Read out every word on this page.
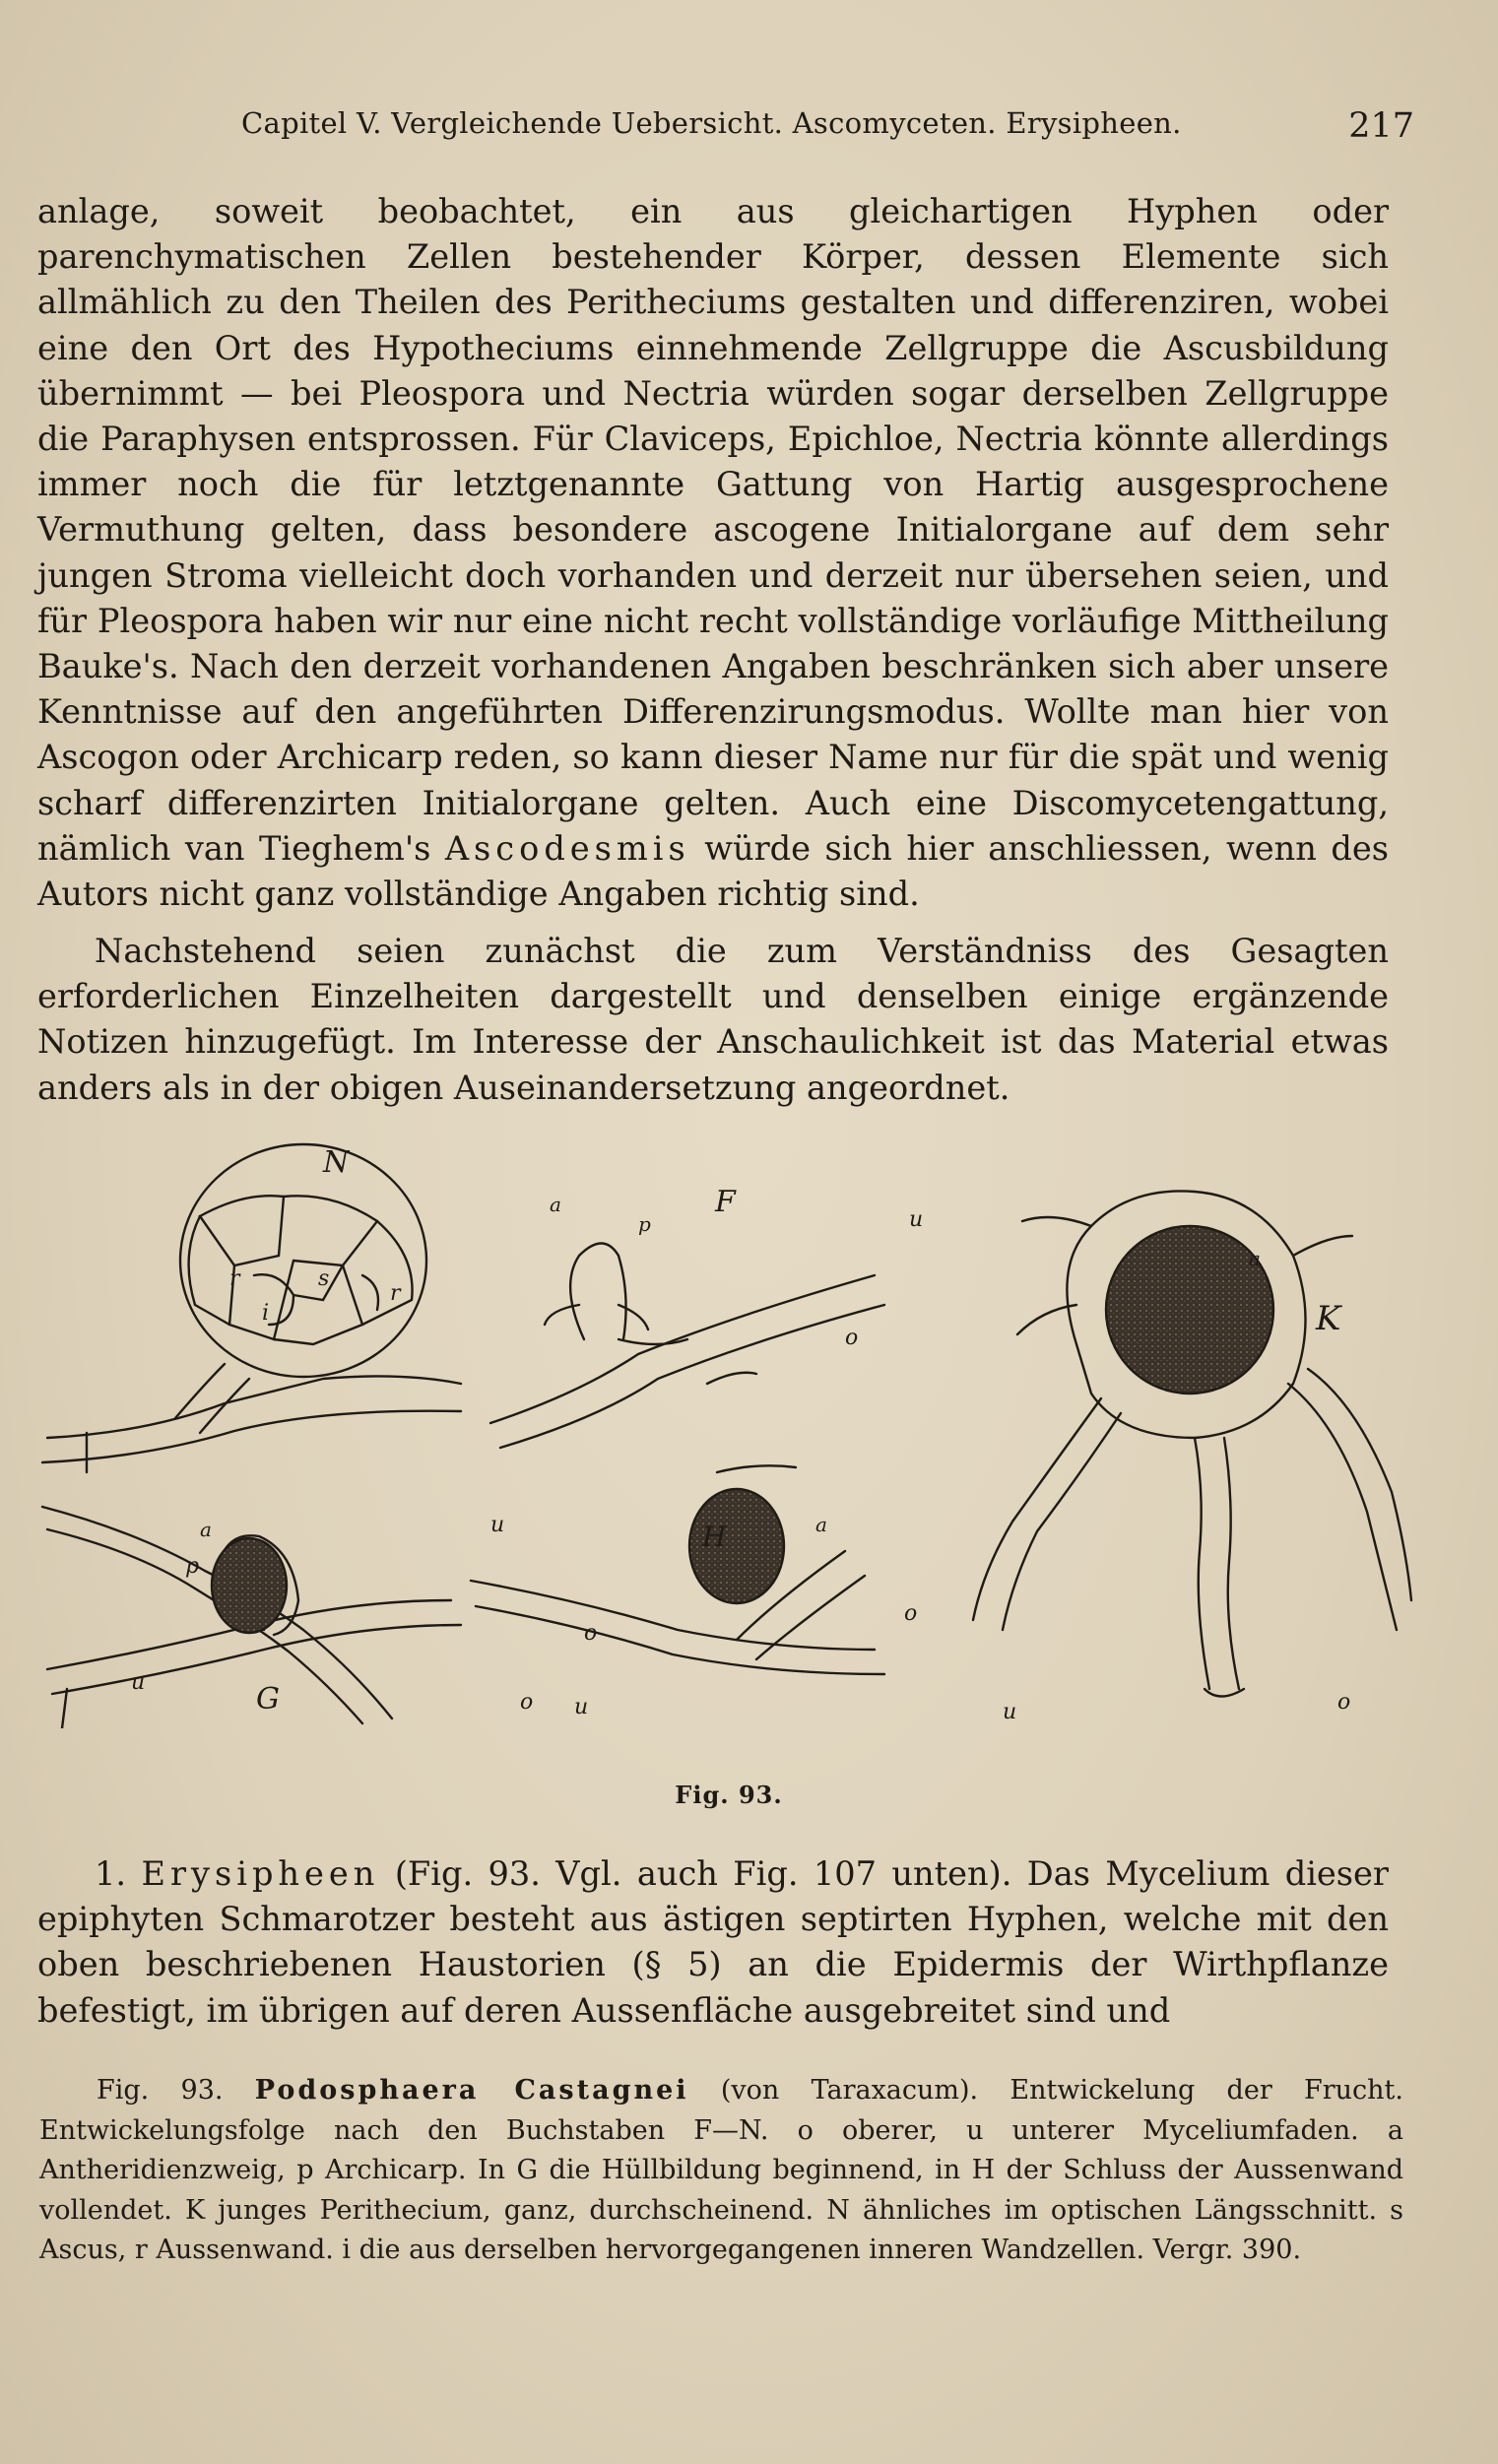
Capitel V. Vergleichende Uebersicht. Ascomyceten. Erysipheen.	217

anlage, soweit beobachtet, ein aus gleichartigen Hyphen oder parenchymatischen Zellen bestehender Körper, dessen Elemente sich allmählich zu den Theilen des Peritheciums gestalten und differenziren, wobei eine den Ort des Hypotheciums einnehmende Zellgruppe die Ascusbildung übernimmt — bei Pleospora und Nectria würden sogar derselben Zellgruppe die Paraphysen entsprossen. Für Claviceps, Epichloe, Nectria könnte allerdings immer noch die für letztgenannte Gattung von Hartig ausgesprochene Vermuthung gelten, dass besondere ascogene Initialorgane auf dem sehr jungen Stroma vielleicht doch vorhanden und derzeit nur übersehen seien, und für Pleospora haben wir nur eine nicht recht vollständige vorläufige Mittheilung Bauke's. Nach den derzeit vorhandenen Angaben beschränken sich aber unsere Kenntnisse auf den angeführten Differenzirungsmodus. Wollte man hier von Ascogon oder Archicarp reden, so kann dieser Name nur für die spät und wenig scharf differenzirten Initialorgane gelten. Auch eine Discomycetengattung, nämlich van Tieghem's Ascodesmis würde sich hier anschliessen, wenn des Autors nicht ganz vollständige Angaben richtig sind.

Nachstehend seien zunächst die zum Verständniss des Gesagten erforderlichen Einzelheiten dargestellt und denselben einige ergänzende Notizen hinzugefügt. Im Interesse der Anschaulichkeit ist das Material etwas anders als in der obigen Auseinandersetzung angeordnet.

N
F
K
G
H
a
a	a
a
p
p	u
u
u
u	u
o
o
o	o
o
s
r
r
i
Fig. 93.

1. Erysipheen (Fig. 93. Vgl. auch Fig. 107 unten). Das Mycelium dieser epiphyten Schmarotzer besteht aus ästigen septirten Hyphen, welche mit den oben beschriebenen Haustorien (§ 5) an die Epidermis der Wirthpflanze befestigt, im übrigen auf deren Aussenfläche ausgebreitet sind und

Fig. 93. Podosphaera Castagnei (von Taraxacum). Entwickelung der Frucht. Entwickelungsfolge nach den Buchstaben F—N. o oberer, u unterer Myceliumfaden. a Antheridienzweig, p Archicarp. In G die Hüllbildung beginnend, in H der Schluss der Aussenwand vollendet. K junges Perithecium, ganz, durchscheinend. N ähnliches im optischen Längsschnitt. s Ascus, r Aussenwand. i die aus derselben hervorgegangenen inneren Wandzellen. Vergr. 390.
